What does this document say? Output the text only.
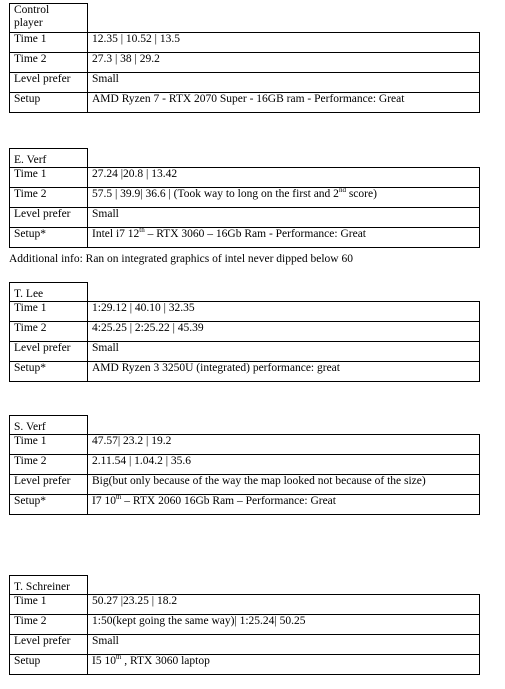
Control
player	
Time 1	12.35 | 10.52 | 13.5
Time 2	27.3 | 38 | 29.2
Level prefer	Small
Setup	AMD Ryzen 7 - RTX 2070 Super - 16GB ram - Performance: Great
E. Verf	
Time 1	27.24 |20.8 | 13.42
Time 2	57.5 | 39.9| 36.6 | (Took way to long on the first and 2nd score)
Level prefer	Small
Setup*	Intel i7 12th – RTX 3060 – 16Gb Ram - Performance: Great
Additional info: Ran on integrated graphics of intel never dipped below 60
T. Lee	
Time 1	1:29.12 | 40.10 | 32.35
Time 2	4:25.25 | 2:25.22 | 45.39
Level prefer	Small
Setup*	AMD Ryzen 3 3250U (integrated) performance: great
S. Verf	
Time 1	47.57| 23.2 | 19.2
Time 2	2.11.54 | 1.04.2 | 35.6
Level prefer	Big(but only because of the way the map looked not because of the size)
Setup*	I7 10th – RTX 2060 16Gb Ram – Performance: Great
T. Schreiner	
Time 1	50.27 |23.25 | 18.2
Time 2	1:50(kept going the same way)| 1:25.24| 50.25
Level prefer	Small
Setup	I5 10th , RTX 3060 laptop
